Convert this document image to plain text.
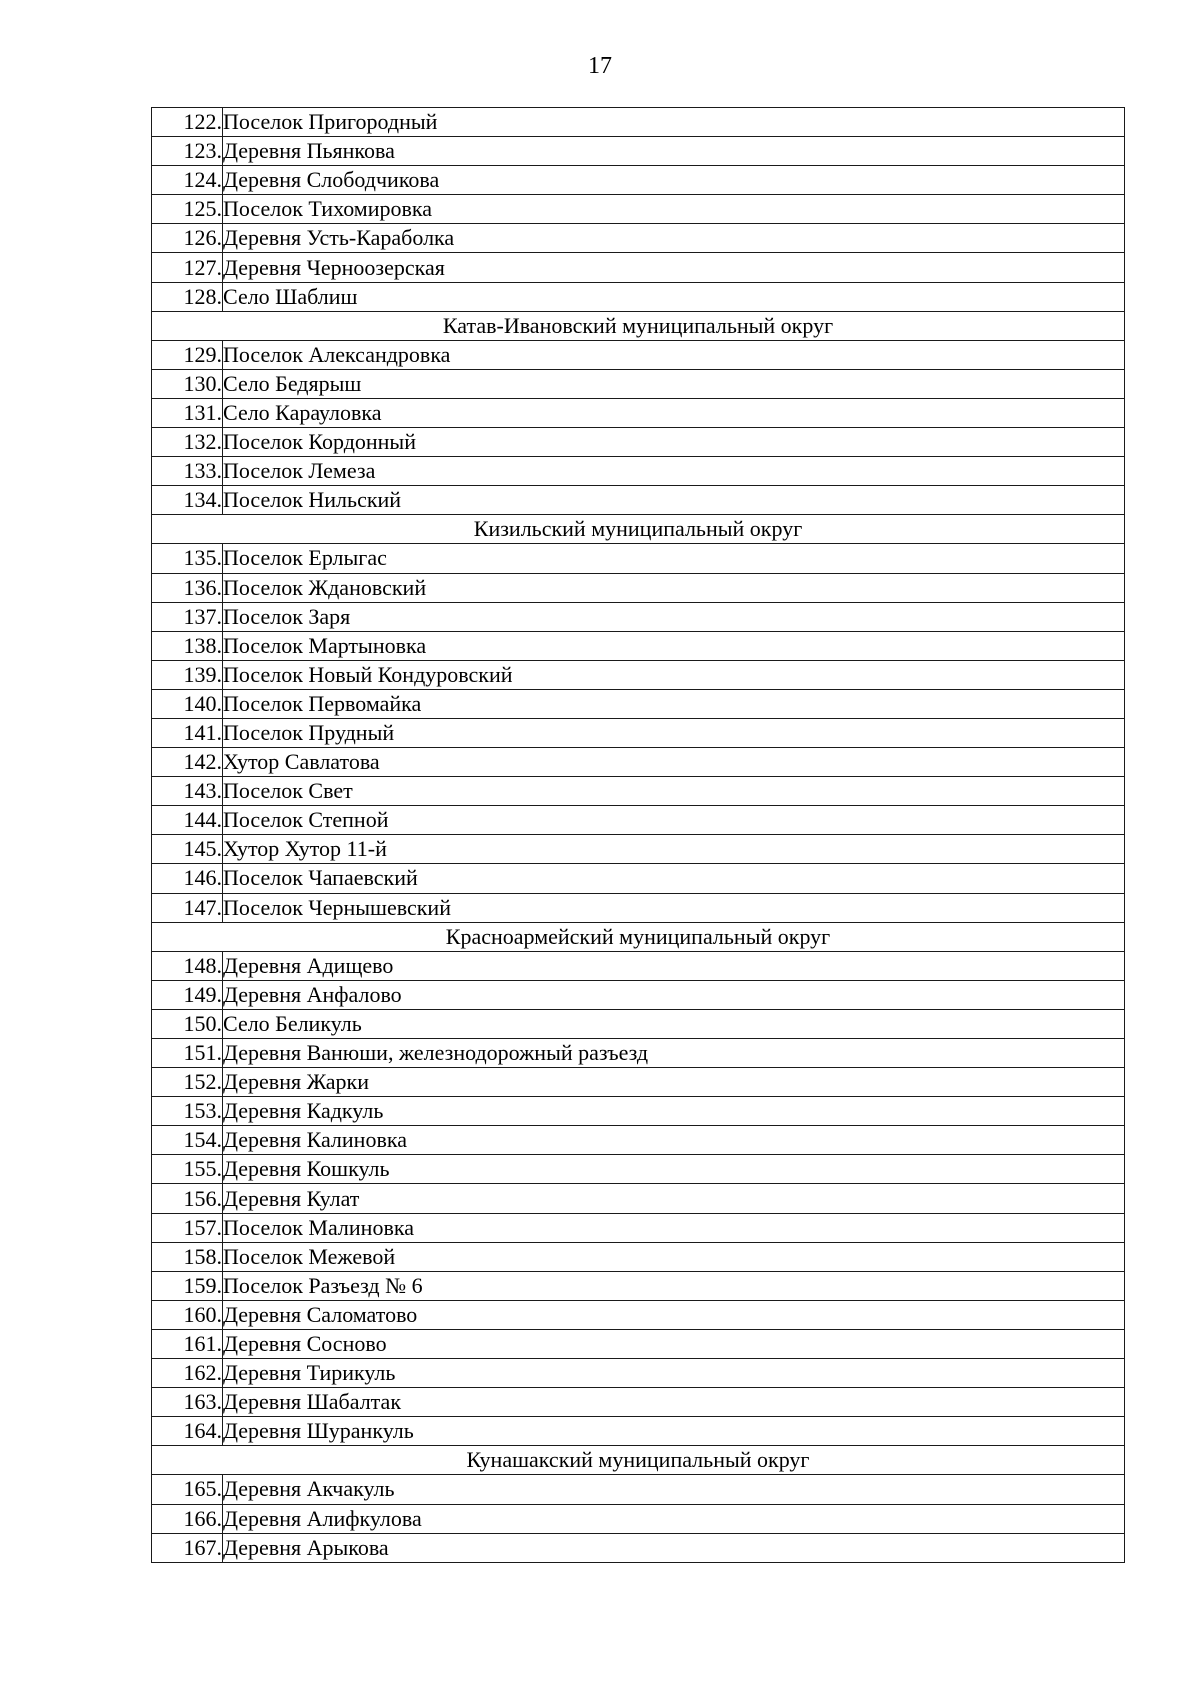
17
122.	Поселок Пригородный
123.	Деревня Пьянкова
124.	Деревня Слободчикова
125.	Поселок Тихомировка
126.	Деревня Усть-Караболка
127.	Деревня Черноозерская
128.	Село Шаблиш
Катав-Ивановский муниципальный округ	
129.	Поселок Александровка
130.	Село Бедярыш
131.	Село Карауловка
132.	Поселок Кордонный
133.	Поселок Лемеза
134.	Поселок Нильский
Кизильский муниципальный округ	
135.	Поселок Ерлыгас
136.	Поселок Ждановский
137.	Поселок Заря
138.	Поселок Мартыновка
139.	Поселок Новый Кондуровский
140.	Поселок Первомайка
141.	Поселок Прудный
142.	Хутор Савлатова
143.	Поселок Свет
144.	Поселок Степной
145.	Хутор Хутор 11-й
146.	Поселок Чапаевский
147.	Поселок Чернышевский
Красноармейский муниципальный округ	
148.	Деревня Адищево
149.	Деревня Анфалово
150.	Село Беликуль
151.	Деревня Ванюши, железнодорожный разъезд
152.	Деревня Жарки
153.	Деревня Кадкуль
154.	Деревня Калиновка
155.	Деревня Кошкуль
156.	Деревня Кулат
157.	Поселок Малиновка
158.	Поселок Межевой
159.	Поселок Разъезд № 6
160.	Деревня Саломатово
161.	Деревня Сосново
162.	Деревня Тирикуль
163.	Деревня Шабалтак
164.	Деревня Шуранкуль
Кунашакский муниципальный округ	
165.	Деревня Акчакуль
166.	Деревня Алифкулова
167.	Деревня Арыкова
